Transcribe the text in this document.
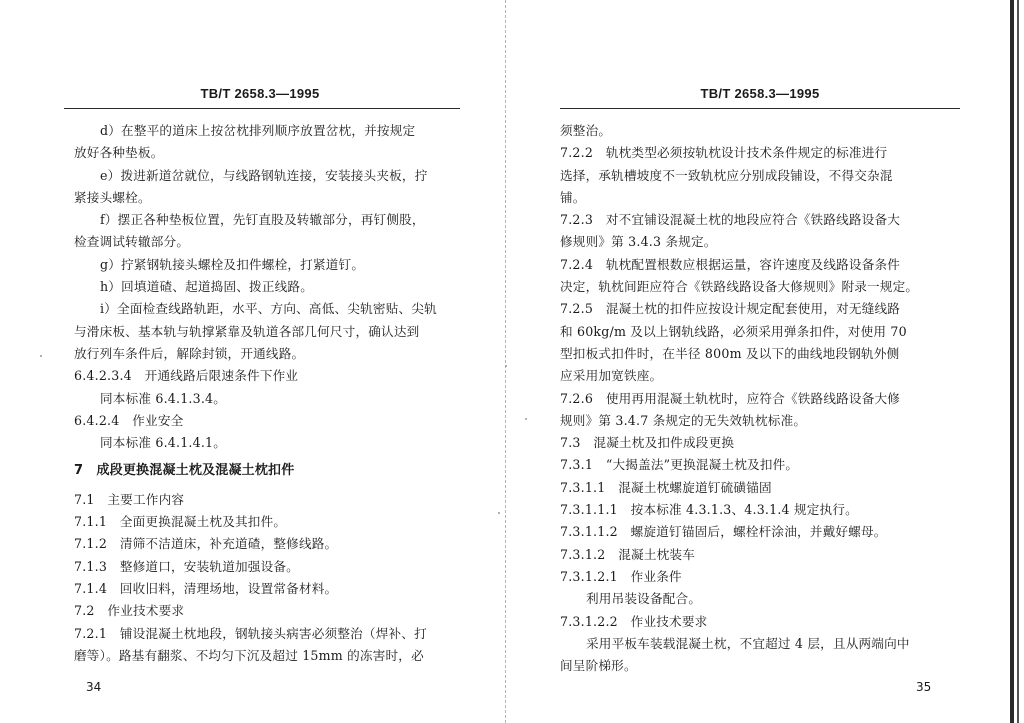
TB/T 2658.3—1995
d）在整平的道床上按岔枕排列顺序放置岔枕，并按规定
放好各种垫板。
e）拨进新道岔就位，与线路钢轨连接，安装接头夹板，拧
紧接头螺栓。
f）摆正各种垫板位置，先钉直股及转辙部分，再钉侧股，
检查调试转辙部分。
g）拧紧钢轨接头螺栓及扣件螺栓，打紧道钉。
h）回填道碴、起道捣固、拨正线路。
i）全面检查线路轨距，水平、方向、高低、尖轨密贴、尖轨
与滑床板、基本轨与轨撑紧靠及轨道各部几何尺寸，确认达到
放行列车条件后，解除封锁，开通线路。
6.4.2.3.4　开通线路后限速条件下作业
同本标准 6.4.1.3.4。
6.4.2.4　作业安全
同本标准 6.4.1.4.1。
7　成段更换混凝土枕及混凝土枕扣件
7.1　主要工作内容
7.1.1　全面更换混凝土枕及其扣件。
7.1.2　清筛不洁道床，补充道碴，整修线路。
7.1.3　整修道口，安装轨道加强设备。
7.1.4　回收旧料，清理场地，设置常备材料。
7.2　作业技术要求
7.2.1　铺设混凝土枕地段，钢轨接头病害必须整治（焊补、打
磨等）。路基有翻浆、不均匀下沉及超过 15mm 的冻害时，必
34
TB/T 2658.3—1995
须整治。
7.2.2　轨枕类型必须按轨枕设计技术条件规定的标准进行
选择，承轨槽坡度不一致轨枕应分别成段铺设，不得交杂混
铺。
7.2.3　对不宜铺设混凝土枕的地段应符合《铁路线路设备大
修规则》第 3.4.3 条规定。
7.2.4　轨枕配置根数应根据运量，容许速度及线路设备条件
决定，轨枕间距应符合《铁路线路设备大修规则》附录一规定。
7.2.5　混凝土枕的扣件应按设计规定配套使用，对无缝线路
和 60kg/m 及以上钢轨线路，必须采用弹条扣件，对使用 70
型扣板式扣件时，在半径 800m 及以下的曲线地段钢轨外侧
应采用加宽铁座。
7.2.6　使用再用混凝土轨枕时，应符合《铁路线路设备大修
规则》第 3.4.7 条规定的无失效轨枕标准。
7.3　混凝土枕及扣件成段更换
7.3.1　“大揭盖法”更换混凝土枕及扣件。
7.3.1.1　混凝土枕螺旋道钉硫磺锚固
7.3.1.1.1　按本标准 4.3.1.3、4.3.1.4 规定执行。
7.3.1.1.2　螺旋道钉锚固后，螺栓杆涂油，并戴好螺母。
7.3.1.2　混凝土枕装车
7.3.1.2.1　作业条件
利用吊装设备配合。
7.3.1.2.2　作业技术要求
采用平板车装载混凝土枕，不宜超过 4 层，且从两端向中
间呈阶梯形。
35
